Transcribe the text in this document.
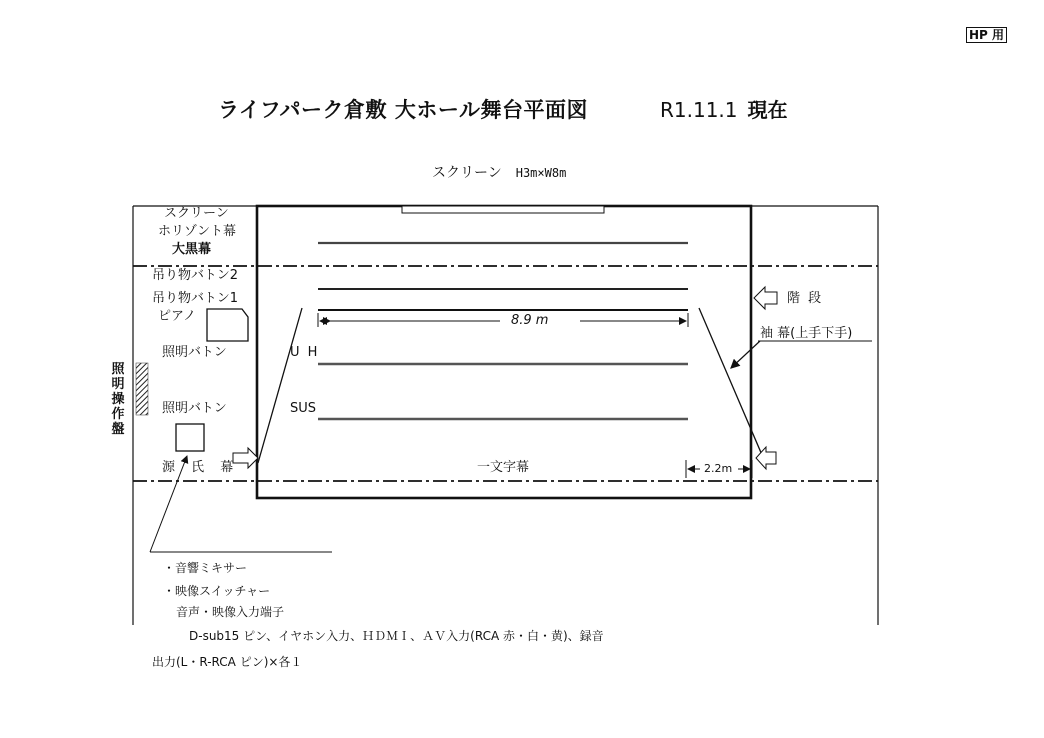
HP 用
ライフパーク倉敷 大ホール舞台平面図	R1.11.1 現在
スクリーン H3m×W8m
スクリーン
ホリゾント幕
大黒幕
吊り物バトン2
吊り物バトン1
ピアノ
照明バトン
照明バトン
源 氏 幕
照明操作盤
8.9 m
U H
SUS
一文字幕	2.2m
階 段
袖 幕(上手下手)
・音響ミキサー
・映像スイッチャー
音声・映像入力端子
D-sub15 ピン、イヤホン入力、ＨＤＭＩ、ＡＶ入力(RCA 赤・白・黄)、録音
出力(L・R-RCA ピン)×各１
